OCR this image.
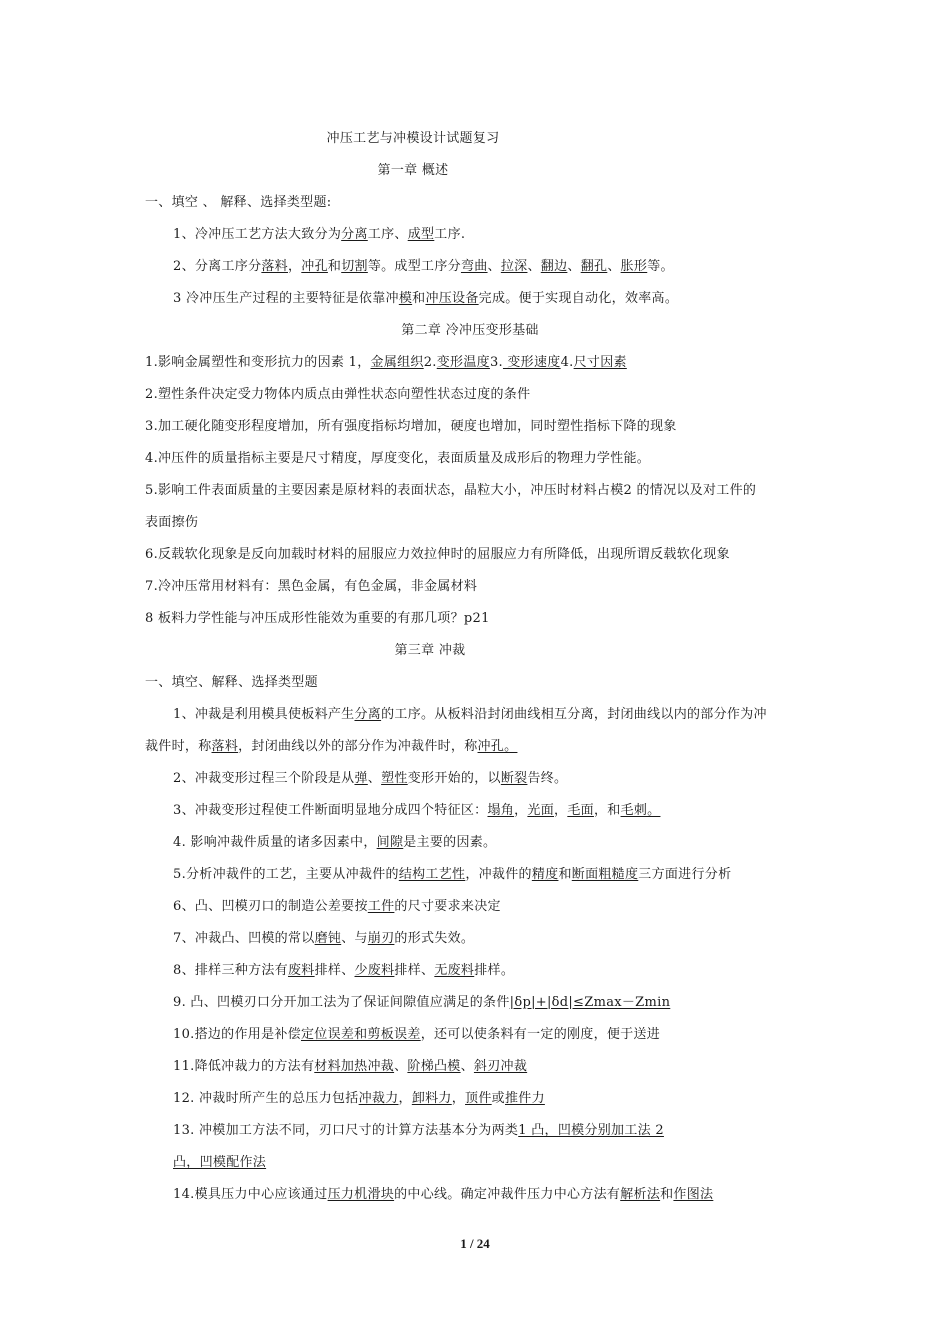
冲压工艺与冲模设计试题复习
第一章 概述
一、填空 、 解释、选择类型题:
1、冷冲压工艺方法大致分为分离工序、成型工序.
2、分离工序分落料，冲孔和切割等。成型工序分弯曲、拉深、翻边、翻孔、胀形等。
3 冷冲压生产过程的主要特征是依靠冲模和冲压设备完成。便于实现自动化，效率高。
第二章 冷冲压变形基础
1.影响金属塑性和变形抗力的因素 1，金属组织2.变形温度3. 变形速度4.尺寸因素
2.塑性条件决定受力物体内质点由弹性状态向塑性状态过度的条件
3.加工硬化随变形程度增加，所有强度指标均增加，硬度也增加，同时塑性指标下降的现象
4.冲压件的质量指标主要是尺寸精度，厚度变化，表面质量及成形后的物理力学性能。
5.影响工件表面质量的主要因素是原材料的表面状态，晶粒大小，冲压时材料占模2 的情况以及对工件的
表面擦伤
6.反载软化现象是反向加载时材料的屈服应力效拉伸时的屈服应力有所降低，出现所谓反载软化现象
7.冷冲压常用材料有：黑色金属，有色金属，非金属材料
8 板料力学性能与冲压成形性能效为重要的有那几项？p21
第三章 冲裁
一、填空、解释、选择类型题
1、冲裁是利用模具使板料产生分离的工序。从板料沿封闭曲线相互分离，封闭曲线以内的部分作为冲
裁件时，称落料，封闭曲线以外的部分作为冲裁件时，称冲孔。
2、冲裁变形过程三个阶段是从弹、塑性变形开始的，以断裂告终。
3、冲裁变形过程使工件断面明显地分成四个特征区：塌角，光面，毛面，和毛刺。
4. 影响冲裁件质量的诸多因素中，间隙是主要的因素。
5.分析冲裁件的工艺，主要从冲裁件的结构工艺性，冲裁件的精度和断面粗糙度三方面进行分析
6、凸、凹模刃口的制造公差要按工件的尺寸要求来决定
7、冲裁凸、凹模的常以磨钝、与崩刃的形式失效。
8、排样三种方法有废料排样、少废料排样、无废料排样。
9. 凸、凹模刃口分开加工法为了保证间隙值应满足的条件|δp|+|δd|≤Zmax－Zmin
10.搭边的作用是补偿定位误差和剪板误差，还可以使条料有一定的刚度，便于送进
11.降低冲裁力的方法有材料加热冲裁、阶梯凸模、斜刃冲裁
12. 冲裁时所产生的总压力包括冲裁力，卸料力，顶件或推件力
13. 冲模加工方法不同，刃口尺寸的计算方法基本分为两类1 凸，凹模分别加工法 2
凸，凹模配作法
14.模具压力中心应该通过压力机滑块的中心线。确定冲裁件压力中心方法有解析法和作图法
1 / 24
